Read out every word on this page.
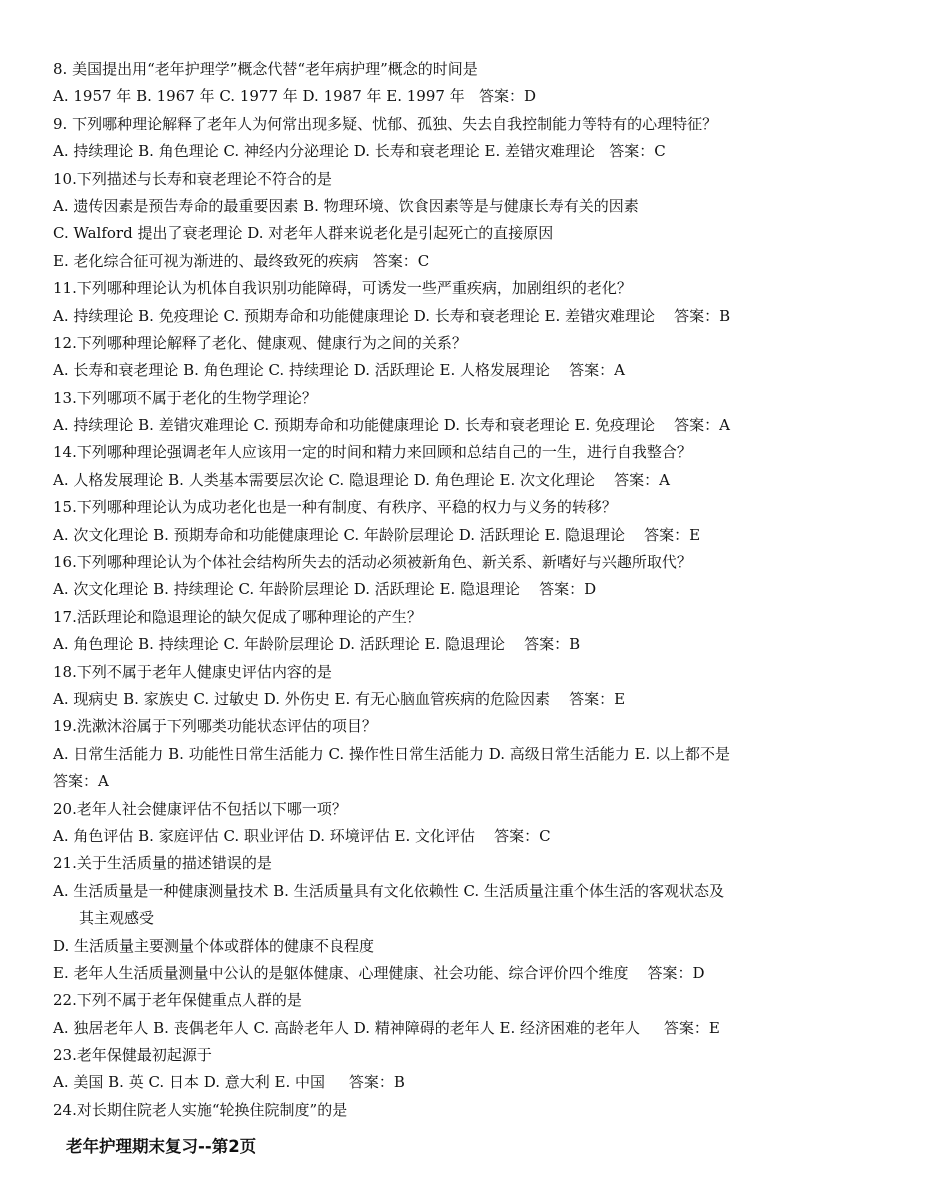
8. 美国提出用“老年护理学”概念代替“老年病护理”概念的时间是
A. 1957 年 B. 1967 年 C. 1977 年 D. 1987 年 E. 1997 年   答案：D
9. 下列哪种理论解释了老年人为何常出现多疑、忧郁、孤独、失去自我控制能力等特有的心理特征？
A. 持续理论 B. 角色理论 C. 神经内分泌理论 D. 长寿和衰老理论 E. 差错灾难理论   答案：C
10.下列描述与长寿和衰老理论不符合的是
A. 遗传因素是预告寿命的最重要因素 B. 物理环境、饮食因素等是与健康长寿有关的因素
C. Walford 提出了衰老理论 D. 对老年人群来说老化是引起死亡的直接原因
E. 老化综合征可视为渐进的、最终致死的疾病   答案：C
11.下列哪种理论认为机体自我识别功能障碍，可诱发一些严重疾病，加剧组织的老化？
A. 持续理论 B. 免疫理论 C. 预期寿命和功能健康理论 D. 长寿和衰老理论 E. 差错灾难理论    答案：B
12.下列哪种理论解释了老化、健康观、健康行为之间的关系？
A. 长寿和衰老理论 B. 角色理论 C. 持续理论 D. 活跃理论 E. 人格发展理论    答案：A
13.下列哪项不属于老化的生物学理论？
A. 持续理论 B. 差错灾难理论 C. 预期寿命和功能健康理论 D. 长寿和衰老理论 E. 免疫理论    答案：A
14.下列哪种理论强调老年人应该用一定的时间和精力来回顾和总结自己的一生，进行自我整合？
A. 人格发展理论 B. 人类基本需要层次论 C. 隐退理论 D. 角色理论 E. 次文化理论    答案：A
15.下列哪种理论认为成功老化也是一种有制度、有秩序、平稳的权力与义务的转移？
A. 次文化理论 B. 预期寿命和功能健康理论 C. 年龄阶层理论 D. 活跃理论 E. 隐退理论    答案：E
16.下列哪种理论认为个体社会结构所失去的活动必须被新角色、新关系、新嗜好与兴趣所取代？
A. 次文化理论 B. 持续理论 C. 年龄阶层理论 D. 活跃理论 E. 隐退理论    答案：D
17.活跃理论和隐退理论的缺欠促成了哪种理论的产生？
A. 角色理论 B. 持续理论 C. 年龄阶层理论 D. 活跃理论 E. 隐退理论    答案：B
18.下列不属于老年人健康史评估内容的是
A. 现病史 B. 家族史 C. 过敏史 D. 外伤史 E. 有无心脑血管疾病的危险因素    答案：E
19.洗漱沐浴属于下列哪类功能状态评估的项目？
A. 日常生活能力 B. 功能性日常生活能力 C. 操作性日常生活能力 D. 高级日常生活能力 E. 以上都不是
答案：A
20.老年人社会健康评估不包括以下哪一项？
A. 角色评估 B. 家庭评估 C. 职业评估 D. 环境评估 E. 文化评估    答案：C
21.关于生活质量的描述错误的是
A. 生活质量是一种健康测量技术 B. 生活质量具有文化依赖性 C. 生活质量注重个体生活的客观状态及
其主观感受
D. 生活质量主要测量个体或群体的健康不良程度
E. 老年人生活质量测量中公认的是躯体健康、心理健康、社会功能、综合评价四个维度    答案：D
22.下列不属于老年保健重点人群的是
A. 独居老年人 B. 丧偶老年人 C. 高龄老年人 D. 精神障碍的老年人 E. 经济困难的老年人     答案：E
23.老年保健最初起源于
A. 美国 B. 英 C. 日本 D. 意大利 E. 中国     答案：B
24.对长期住院老人实施“轮换住院制度”的是
老年护理期末复习--第2页
